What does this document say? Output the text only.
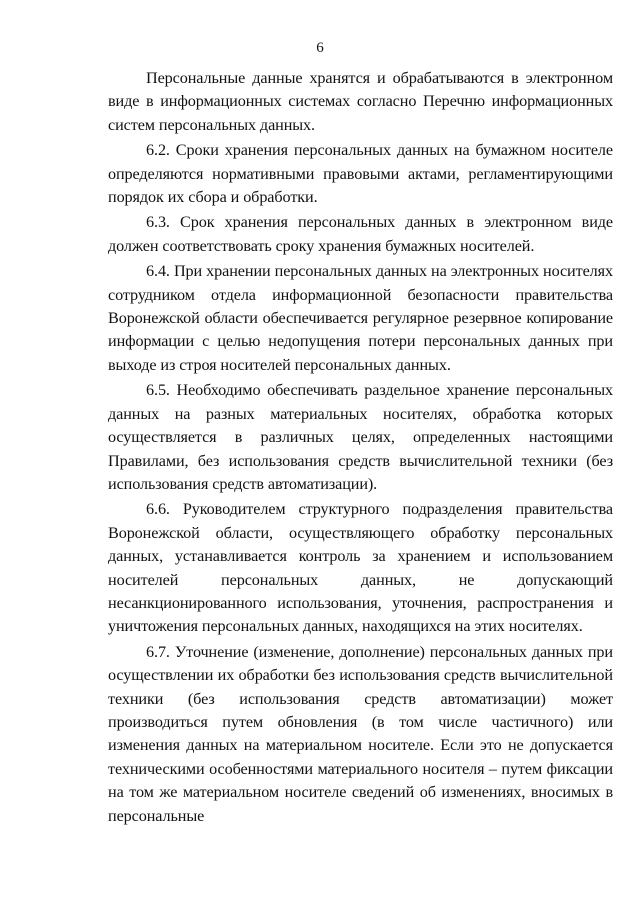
6

Персональные данные хранятся и обрабатываются в электронном виде в информационных системах согласно Перечню информационных систем персональных данных.

6.2. Сроки хранения персональных данных на бумажном носителе определяются нормативными правовыми актами, регламентирующими порядок их сбора и обработки.

6.3. Срок хранения персональных данных в электронном виде должен соответствовать сроку хранения бумажных носителей.

6.4. При хранении персональных данных на электронных носителях сотрудником отдела информационной безопасности правительства Воронежской области обеспечивается регулярное резервное копирование информации с целью недопущения потери персональных данных при выходе из строя носителей персональных данных.

6.5. Необходимо обеспечивать раздельное хранение персональных данных на разных материальных носителях, обработка которых осуществляется в различных целях, определенных настоящими Правилами, без использования средств вычислительной техники (без использования средств автоматизации).

6.6. Руководителем структурного подразделения правительства Воронежской области, осуществляющего обработку персональных данных, устанавливается контроль за хранением и использованием носителей персональных данных, не допускающий несанкционированного использования, уточнения, распространения и уничтожения персональных данных, находящихся на этих носителях.

6.7. Уточнение (изменение, дополнение) персональных данных при осуществлении их обработки без использования средств вычислительной техники (без использования средств автоматизации) может производиться путем обновления (в том числе частичного) или изменения данных на материальном носителе. Если это не допускается техническими особенностями материального носителя – путем фиксации на том же материальном носителе сведений об изменениях, вносимых в персональные
